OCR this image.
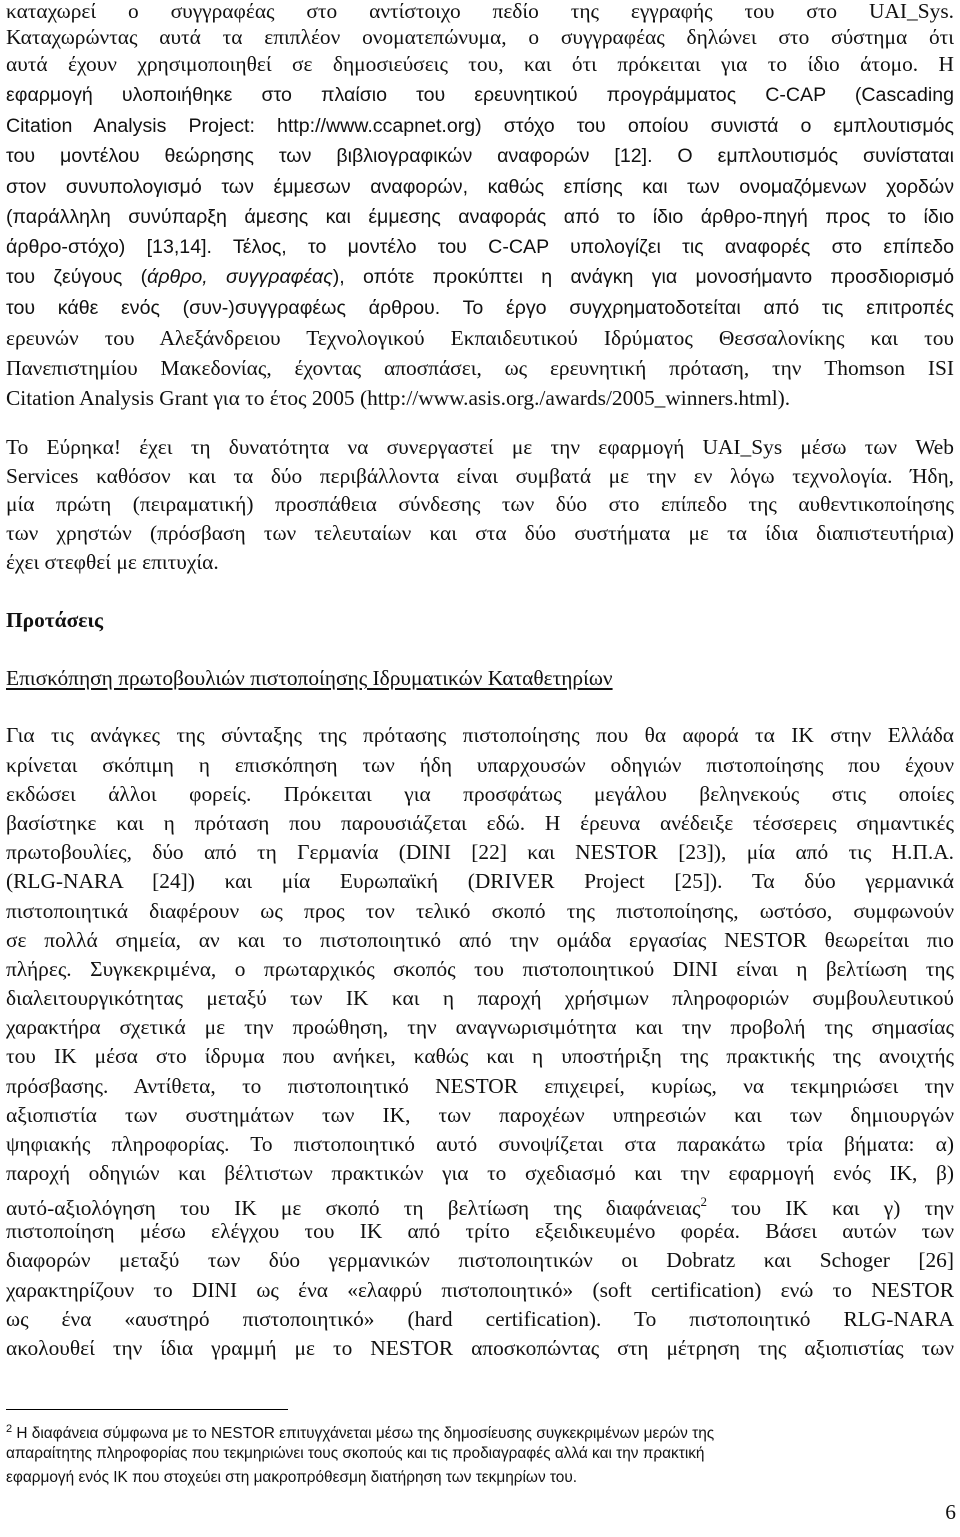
καταχωρεί ο συγγραφέας στο αντίστοιχο πεδίο της εγγραφής του στο UAI_Sys.
Καταχωρώντας αυτά τα επιπλέον ονοματεπώνυμα, ο συγγραφέας δηλώνει στο σύστημα ότι
αυτά έχουν χρησιμοποιηθεί σε δημοσιεύσεις του, και ότι πρόκειται για το ίδιο άτομο. Η
εφαρμογή υλοποιήθηκε στο πλαίσιο του ερευνητικού προγράμματος C-CAP (Cascading
Citation Analysis Project: http://www.ccapnet.org) στόχο του οποίου συνιστά ο εμπλουτισμός
του μοντέλου θεώρησης των βιβλιογραφικών αναφορών [12]. Ο εμπλουτισμός συνίσταται
στον συνυπολογισμό των έμμεσων αναφορών, καθώς επίσης και των ονομαζόμενων χορδών
(παράλληλη συνύπαρξη άμεσης και έμμεσης αναφοράς από το ίδιο άρθρο-πηγή προς το ίδιο
άρθρο-στόχο) [13,14]. Τέλος, το μοντέλο του C-CAP υπολογίζει τις αναφορές στο επίπεδο
του ζεύγους (άρθρο, συγγραφέας), οπότε προκύπτει η ανάγκη για μονοσήμαντο προσδιορισμό
του κάθε ενός (συν-)συγγραφέως άρθρου. Το έργο συγχρηματοδοτείται από τις επιτροπές
ερευνών του Αλεξάνδρειου Τεχνολογικού Εκπαιδευτικού Ιδρύματος Θεσσαλονίκης και του
Πανεπιστημίου Μακεδονίας, έχοντας αποσπάσει, ως ερευνητική πρόταση, την Thomson ISI
Citation Analysis Grant για το έτος 2005 (http://www.asis.org./awards/2005_winners.html).
Το Εύρηκα! έχει τη δυνατότητα να συνεργαστεί με την εφαρμογή UAI_Sys μέσω των Web
Services καθόσον και τα δύο περιβάλλοντα είναι συμβατά με την εν λόγω τεχνολογία. Ήδη,
μία πρώτη (πειραματική) προσπάθεια σύνδεσης των δύο στο επίπεδο της αυθεντικοποίησης
των χρηστών (πρόσβαση των τελευταίων και στα δύο συστήματα με τα ίδια διαπιστευτήρια)
έχει στεφθεί με επιτυχία.
Προτάσεις
Επισκόπηση πρωτοβουλιών πιστοποίησης Ιδρυματικών Καταθετηρίων
Για τις ανάγκες της σύνταξης της πρότασης πιστοποίησης που θα αφορά τα ΙΚ στην Ελλάδα
κρίνεται σκόπιμη η επισκόπηση των ήδη υπαρχουσών οδηγιών πιστοποίησης που έχουν
εκδώσει άλλοι φορείς. Πρόκειται για προσφάτως μεγάλου βεληνεκούς στις οποίες
βασίστηκε και η πρόταση που παρουσιάζεται εδώ. Η έρευνα ανέδειξε τέσσερεις σημαντικές
πρωτοβουλίες, δύο από τη Γερμανία (DINI [22] και NESTOR [23]), μία από τις Η.Π.Α.
(RLG-NARA [24]) και μία Ευρωπαϊκή (DRIVER Project [25]). Τα δύο γερμανικά
πιστοποιητικά διαφέρουν ως προς τον τελικό σκοπό της πιστοποίησης, ωστόσο, συμφωνούν
σε πολλά σημεία, αν και το πιστοποιητικό από την ομάδα εργασίας NESTOR θεωρείται πιο
πλήρες. Συγκεκριμένα, ο πρωταρχικός σκοπός του πιστοποιητικού DINI είναι η βελτίωση της
διαλειτουργικότητας μεταξύ των ΙΚ και η παροχή χρήσιμων πληροφοριών συμβουλευτικού
χαρακτήρα σχετικά με την προώθηση, την αναγνωρισιμότητα και την προβολή της σημασίας
του ΙΚ μέσα στο ίδρυμα που ανήκει, καθώς και η υποστήριξη της πρακτικής της ανοιχτής
πρόσβασης. Αντίθετα, το πιστοποιητικό NESTOR επιχειρεί, κυρίως, να τεκμηριώσει την
αξιοπιστία των συστημάτων των ΙΚ, των παροχέων υπηρεσιών και των δημιουργών
ψηφιακής πληροφορίας. Το πιστοποιητικό αυτό συνοψίζεται στα παρακάτω τρία βήματα: α)
παροχή οδηγιών και βέλτιστων πρακτικών για το σχεδιασμό και την εφαρμογή ενός ΙΚ, β)
αυτό-αξιολόγηση του ΙΚ με σκοπό τη βελτίωση της διαφάνειας$^2$ του ΙΚ και γ) την
πιστοποίηση μέσω ελέγχου του ΙΚ από τρίτο εξειδικευμένο φορέα. Βάσει αυτών των
διαφορών μεταξύ των δύο γερμανικών πιστοποιητικών οι Dobratz και Schoger [26]
χαρακτηρίζουν το DINI ως ένα «ελαφρύ πιστοποιητικό» (soft certification) ενώ το NESTOR
ως ένα «αυστηρό πιστοποιητικό» (hard certification). Το πιστοποιητικό RLG-NARA
ακολουθεί την ίδια γραμμή με το NESTOR αποσκοπώντας στη μέτρηση της αξιοπιστίας των
$^2$ Η διαφάνεια σύμφωνα με το NESTOR επιτυγχάνεται μέσω της δημοσίευσης συγκεκριμένων μερών της
απαραίτητης πληροφορίας που τεκμηριώνει τους σκοπούς και τις προδιαγραφές αλλά και την πρακτική
εφαρμογή ενός ΙΚ που στοχεύει στη μακροπρόθεσμη διατήρηση των τεκμηρίων του.
6
